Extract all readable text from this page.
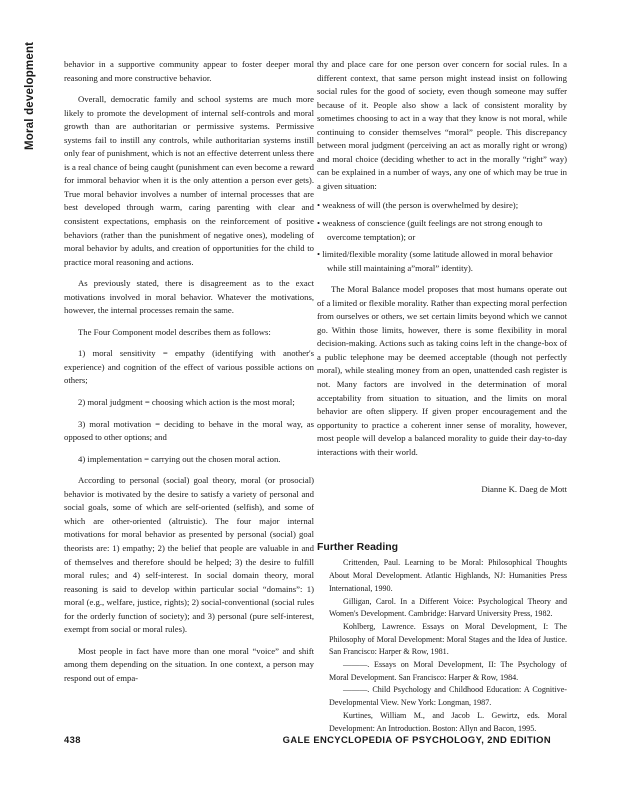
Moral development	behavior in a supportive community appear to foster deeper moral reasoning and more constructive behavior.

Overall, democratic family and school systems are much more likely to promote the development of internal self-controls and moral growth than are authoritarian or permissive systems. Permissive systems fail to instill any controls, while authoritarian systems instill only fear of punishment, which is not an effective deterrent unless there is a real chance of being caught (punishment can even become a reward for immoral behavior when it is the only attention a person ever gets). True moral behavior involves a number of internal processes that are best developed through warm, caring parenting with clear and consistent expectations, emphasis on the reinforcement of positive behaviors (rather than the punishment of negative ones), modeling of moral behavior by adults, and creation of opportunities for the child to practice moral reasoning and actions.

As previously stated, there is disagreement as to the exact motivations involved in moral behavior. Whatever the motivations, however, the internal processes remain the same.

The Four Component model describes them as follows:

1) moral sensitivity = empathy (identifying with another's experience) and cognition of the effect of various possible actions on others;

2) moral judgment = choosing which action is the most moral;

3) moral motivation = deciding to behave in the moral way, as opposed to other options; and

4) implementation = carrying out the chosen moral action.

According to personal (social) goal theory, moral (or prosocial) behavior is motivated by the desire to satisfy a variety of personal and social goals, some of which are self-oriented (selfish), and some of which are other-oriented (altruistic). The four major internal motivations for moral behavior as presented by personal (social) goal theorists are: 1) empathy; 2) the belief that people are valuable in and of themselves and therefore should be helped; 3) the desire to fulfill moral rules; and 4) self-interest. In social domain theory, moral reasoning is said to develop within particular social “domains”: 1) moral (e.g., welfare, justice, rights); 2) social-conventional (social rules for the orderly function of society); and 3) personal (pure self-interest, exempt from social or moral rules).

Most people in fact have more than one moral “voice” and shift among them depending on the situation. In one context, a person may respond out of empa-

thy and place care for one person over concern for social rules. In a different context, that same person might instead insist on following social rules for the good of society, even though someone may suffer because of it. People also show a lack of consistent morality by sometimes choosing to act in a way that they know is not moral, while continuing to consider themselves “moral” people. This discrepancy between moral judgment (perceiving an act as morally right or wrong) and moral choice (deciding whether to act in the morally “right” way) can be explained in a number of ways, any one of which may be true in a given situation:

• weakness of will (the person is overwhelmed by desire);
• weakness of conscience (guilt feelings are not strong enough to overcome temptation); or
• limited/flexible morality (some latitude allowed in moral behavior while still maintaining a”moral” identity).

The Moral Balance model proposes that most humans operate out of a limited or flexible morality. Rather than expecting moral perfection from ourselves or others, we set certain limits beyond which we cannot go. Within those limits, however, there is some flexibility in moral decision-making. Actions such as taking coins left in the change-box of a public telephone may be deemed acceptable (though not perfectly moral), while stealing money from an open, unattended cash register is not. Many factors are involved in the determination of moral acceptability from situation to situation, and the limits on moral behavior are often slippery. If given proper encouragement and the opportunity to practice a coherent inner sense of morality, however, most people will develop a balanced morality to guide their day-to-day interactions with their world.

Dianne K. Daeg de Mott
Further Reading

Crittenden, Paul. Learning to be Moral: Philosophical Thoughts About Moral Development. Atlantic Highlands, NJ: Humanities Press International, 1990.

Gilligan, Carol. In a Different Voice: Psychological Theory and Women's Development. Cambridge: Harvard University Press, 1982.

Kohlberg, Lawrence. Essays on Moral Development, I: The Philosophy of Moral Development: Moral Stages and the Idea of Justice. San Francisco: Harper & Row, 1981.

———. Essays on Moral Development, II: The Psychology of Moral Development. San Francisco: Harper & Row, 1984.

———. Child Psychology and Childhood Education: A Cognitive-Developmental View. New York: Longman, 1987.

Kurtines, William M., and Jacob L. Gewirtz, eds. Moral Development: An Introduction. Boston: Allyn and Bacon, 1995.

438	GALE ENCYCLOPEDIA OF PSYCHOLOGY, 2ND EDITION
